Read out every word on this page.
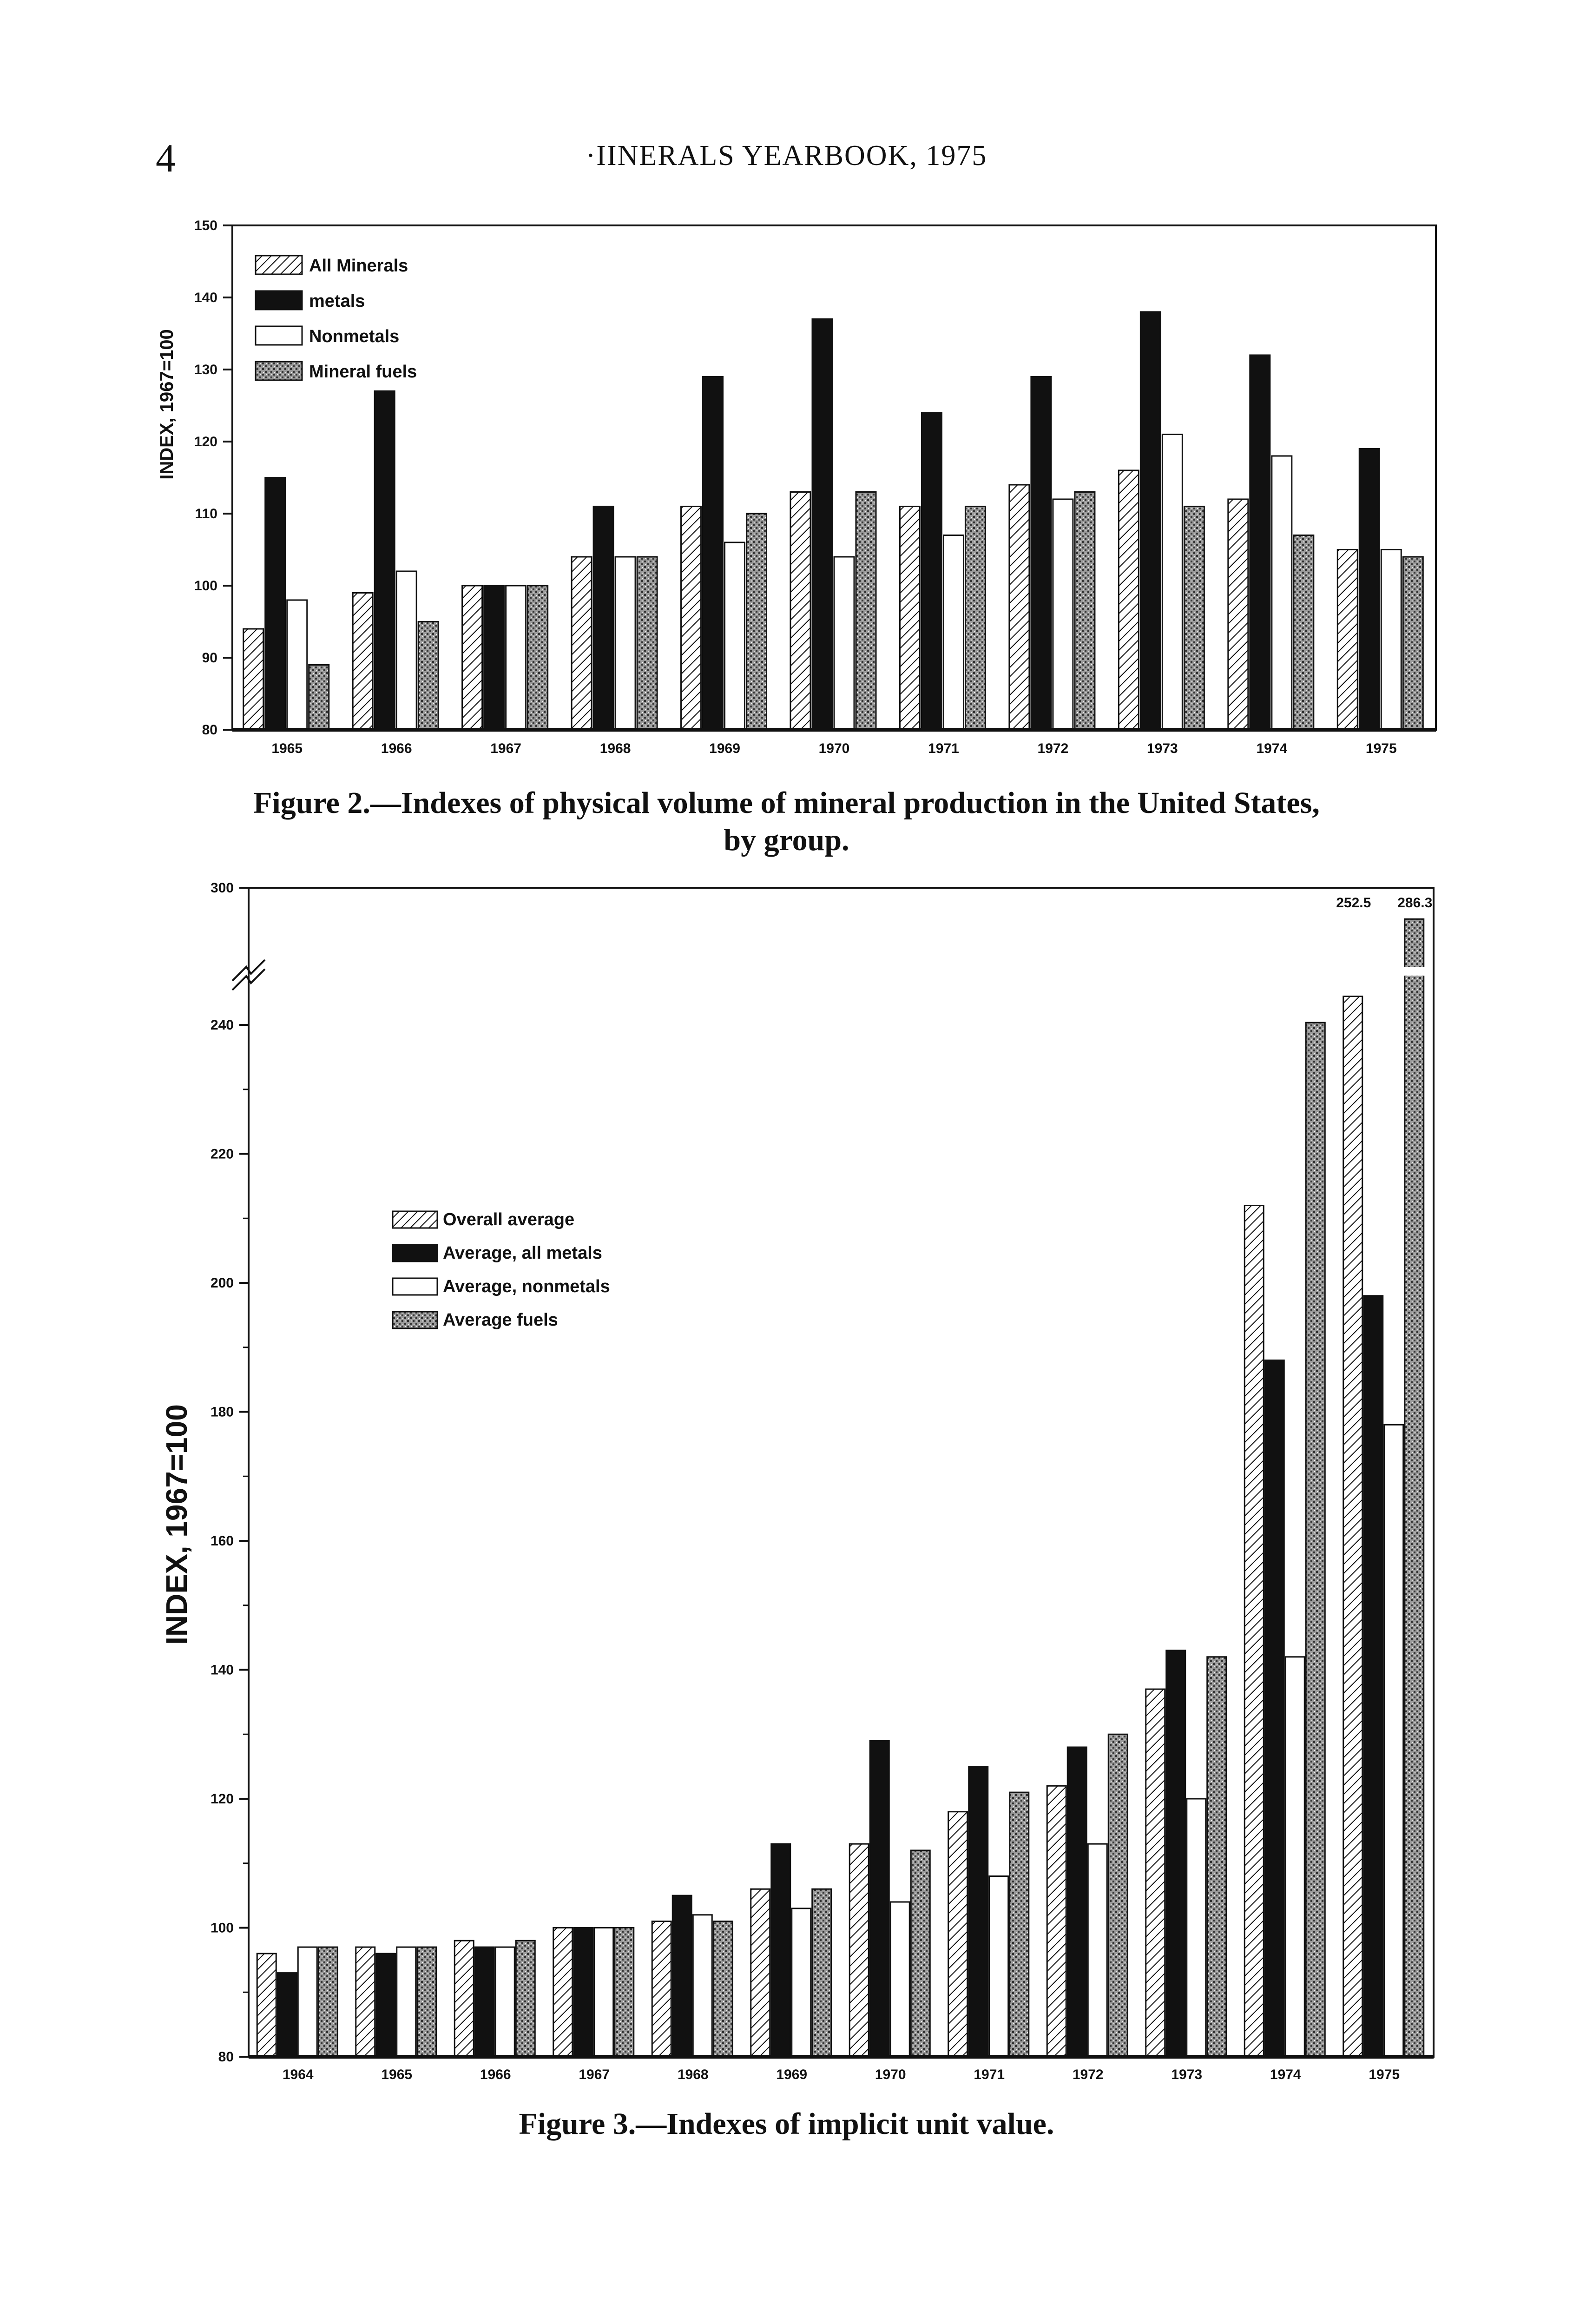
4	·IINERALS YEARBOOK, 1975
80
90
100
110
120
130
140
150
1965	1966	1967	1968	1969	1970	1971	1972	1973	1974	1975
INDEX, 1967=100
All Minerals
metals
Nonmetals
Mineral fuels
Figure 2.—Indexes of physical volume of mineral production in the United States,
by group.
80
100
120
140
160
180
200
220
240
300
1964	1965	1966	1967	1968	1969	1970	1971	1972	1973	1974	1975
INDEX, 1967=100
Overall average
Average, all metals
Average, nonmetals
Average fuels
252.5 286.3
Figure 3.—Indexes of implicit unit value.
